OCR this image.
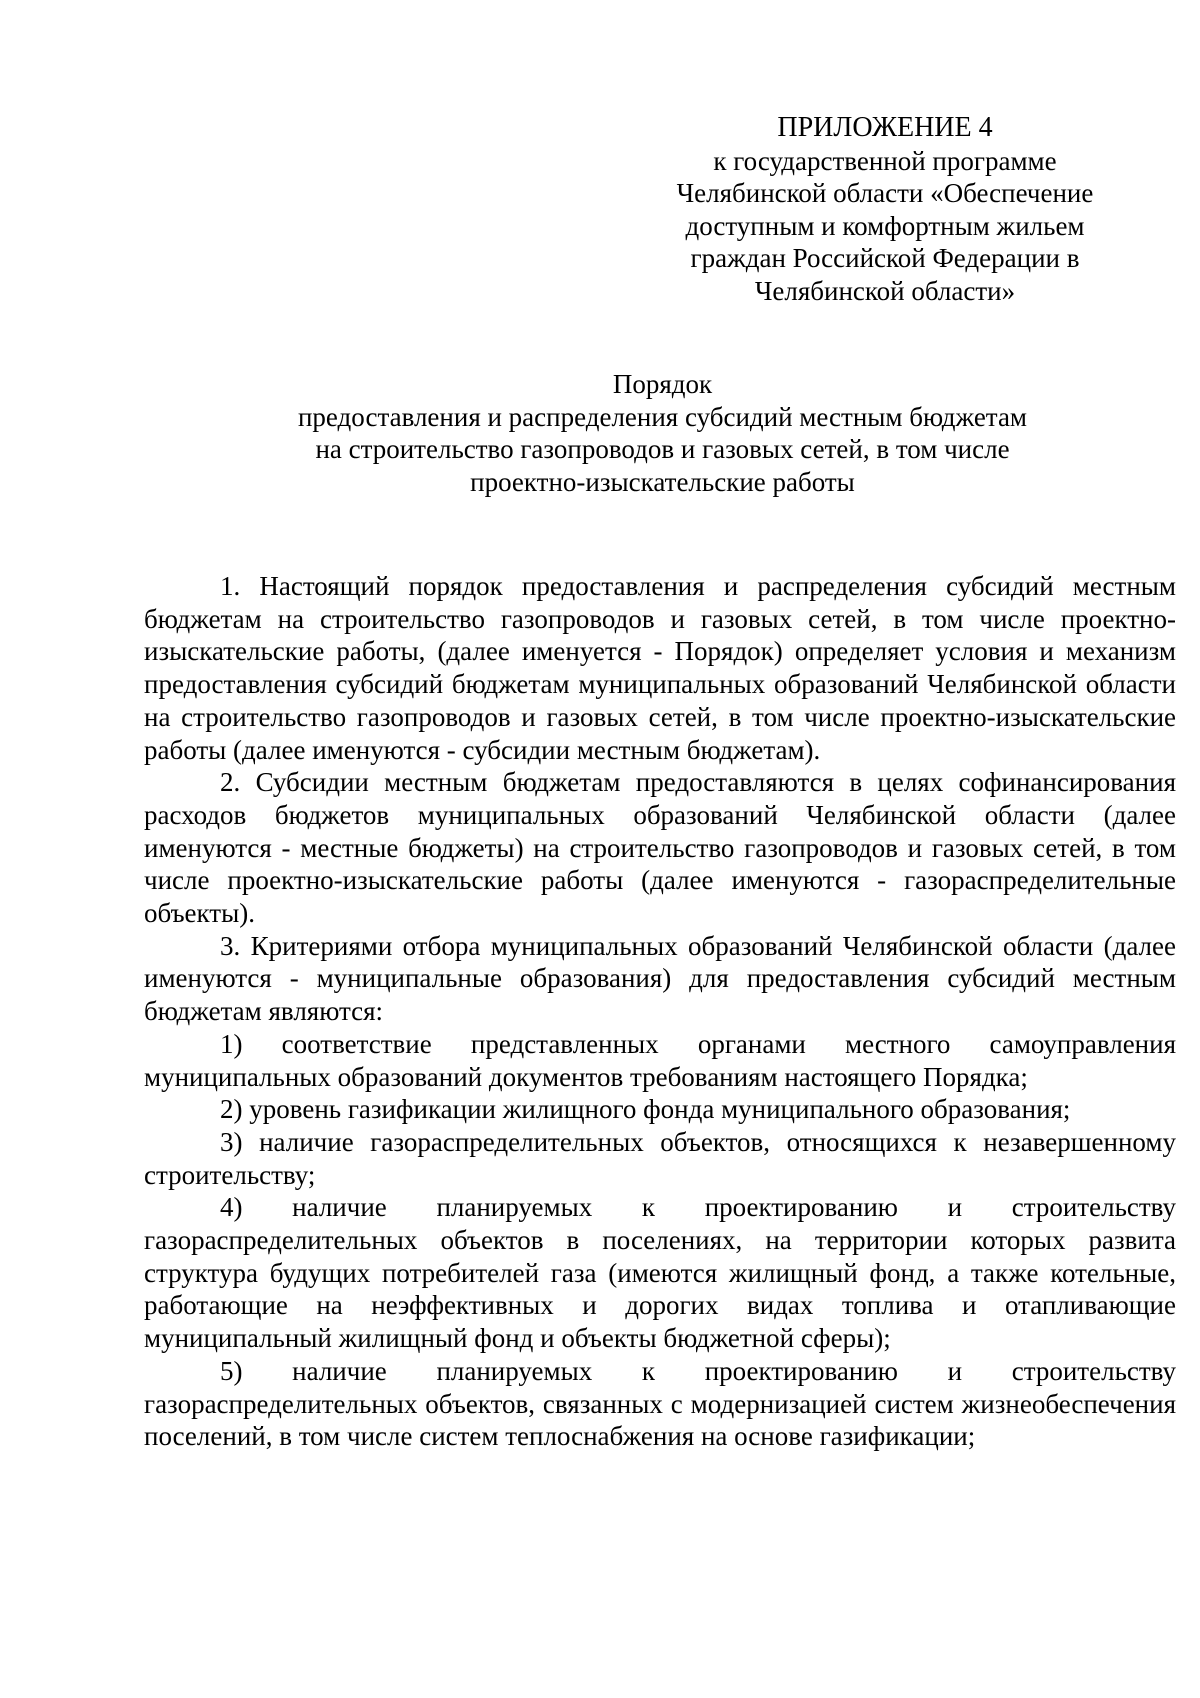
ПРИЛОЖЕНИЕ 4
к государственной программе
Челябинской области «Обеспечение
доступным и комфортным жильем
граждан Российской Федерации в
Челябинской области»
Порядок
предоставления и распределения субсидий местным бюджетам
на строительство газопроводов и газовых сетей, в том числе
проектно-изыскательские работы

1. Настоящий порядок предоставления и распределения субсидий местным бюджетам на строительство газопроводов и газовых сетей, в том числе проектно-изыскательские работы, (далее именуется - Порядок) определяет условия и механизм предоставления субсидий бюджетам муниципальных образований Челябинской области на строительство газопроводов и газовых сетей, в том числе проектно-изыскательские работы (далее именуются - субсидии местным бюджетам).

2. Субсидии местным бюджетам предоставляются в целях софинансирования расходов бюджетов муниципальных образований Челябинской области (далее именуются - местные бюджеты) на строительство газопроводов и газовых сетей, в том числе проектно-изыскательские работы (далее именуются - газораспределительные объекты).

3. Критериями отбора муниципальных образований Челябинской области (далее именуются - муниципальные образования) для предоставления субсидий местным бюджетам являются:

1) соответствие представленных органами местного самоуправления муниципальных образований документов требованиям настоящего Порядка;

2) уровень газификации жилищного фонда муниципального образования;

3) наличие газораспределительных объектов, относящихся к незавершенному строительству;

4) наличие планируемых к проектированию и строительству газораспределительных объектов в поселениях, на территории которых развита структура будущих потребителей газа (имеются жилищный фонд, а также котельные, работающие на неэффективных и дорогих видах топлива и отапливающие муниципальный жилищный фонд и объекты бюджетной сферы);

5) наличие планируемых к проектированию и строительству газораспределительных объектов, связанных с модернизацией систем жизнеобеспечения поселений, в том числе систем теплоснабжения на основе газификации;
